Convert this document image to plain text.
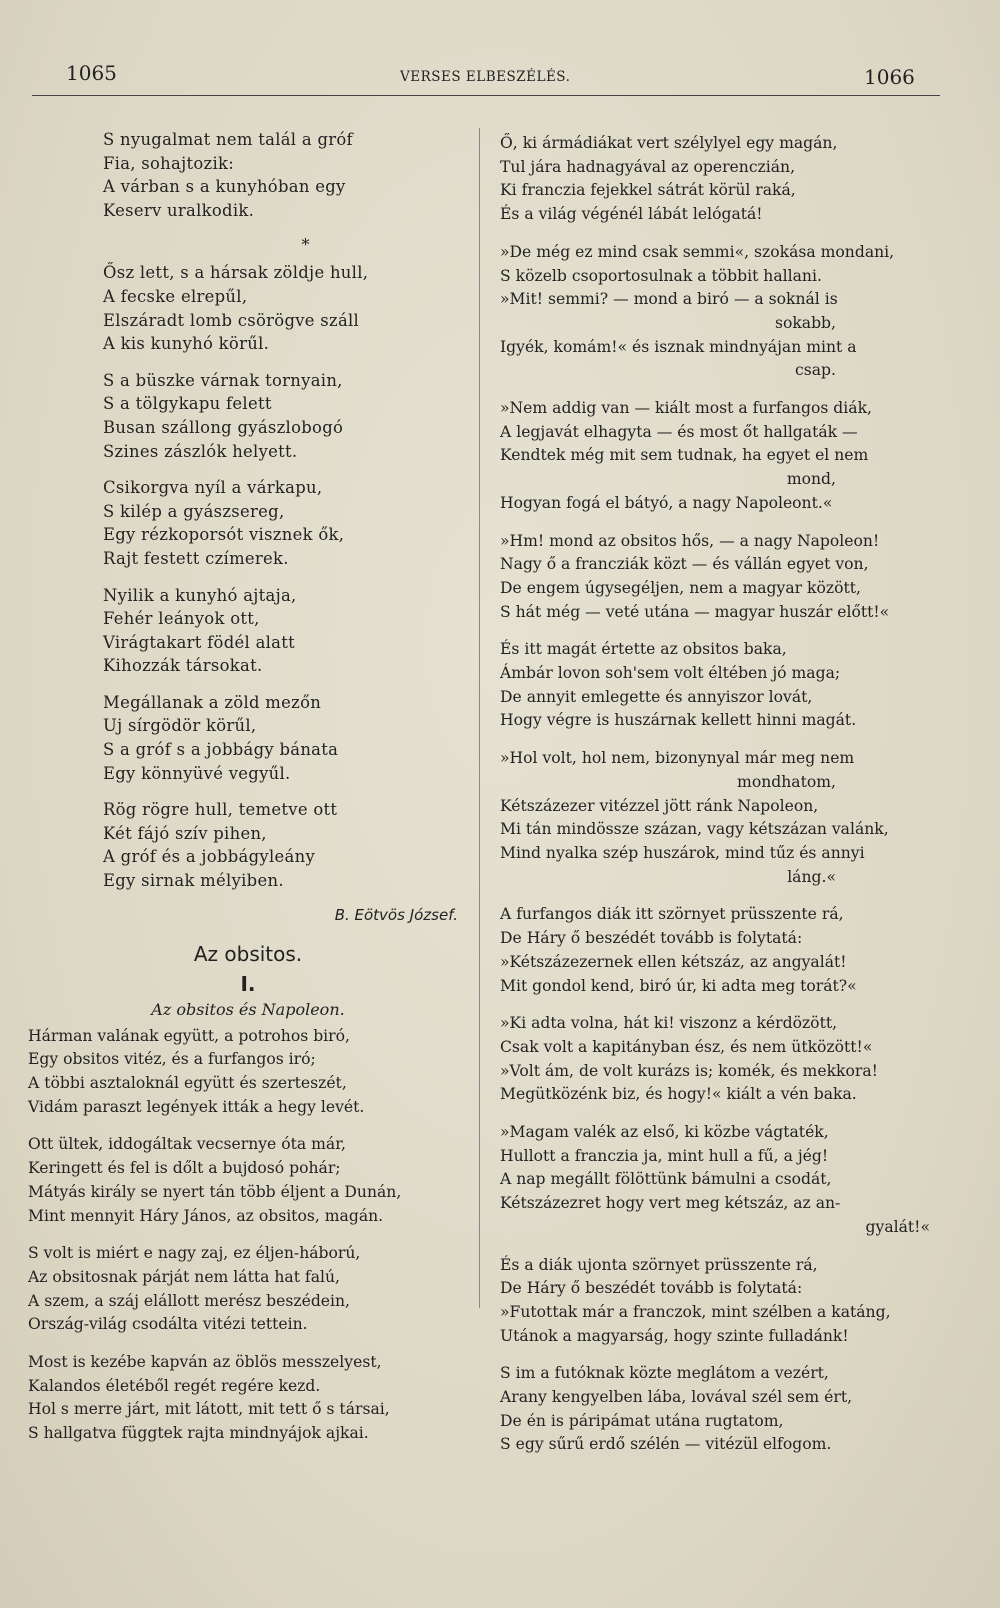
1065	VERSES ELBESZÉLÉS.	1066
S nyugalmat nem talál a gróf
Fia, sohajtozik:
A várban s a kunyhóban egy
Keserv uralkodik.
*
Ősz lett, s a hársak zöldje hull,
A fecske elrepűl,
Elszáradt lomb csörögve száll
A kis kunyhó körűl.
S a büszke várnak tornyain,
S a tölgykapu felett
Busan szállong gyászlobogó
Szines zászlók helyett.
Csikorgva nyíl a várkapu,
S kilép a gyászsereg,
Egy rézkoporsót visznek ők,
Rajt festett czímerek.
Nyilik a kunyhó ajtaja,
Fehér leányok ott,
Virágtakart födél alatt
Kihozzák társokat.
Megállanak a zöld mezőn
Uj sírgödör körűl,
S a gróf s a jobbágy bánata
Egy könnyüvé vegyűl.
Rög rögre hull, temetve ott
Két fájó szív pihen,
A gróf és a jobbágyleány
Egy sirnak mélyiben.
B. Eötvös József.
Az obsitos.
I.
Az obsitos és Napoleon.
Hárman valának együtt, a potrohos biró,
Egy obsitos vitéz, és a furfangos iró;
A többi asztaloknál együtt és szerteszét,
Vidám paraszt legények itták a hegy levét.
Ott ültek, iddogáltak vecsernye óta már,
Keringett és fel is dőlt a bujdosó pohár;
Mátyás király se nyert tán több éljent a Dunán,
Mint mennyit Háry János, az obsitos, magán.
S volt is miért e nagy zaj, ez éljen-háború,
Az obsitosnak párját nem látta hat falú,
A szem, a száj elállott merész beszédein,
Ország-világ csodálta vitézi tettein.
Most is kezébe kapván az öblös messzelyest,
Kalandos életéből regét regére kezd.
Hol s merre járt, mit látott, mit tett ő s társai,
S hallgatva függtek rajta mindnyájok ajkai.
Ő, ki ármádiákat vert szélylyel egy magán,
Tul jára hadnagyával az operenczián,
Ki franczia fejekkel sátrát körül raká,
És a világ végénél lábát lelógatá!
»De még ez mind csak semmi«, szokása mondani,
S közelb csoportosulnak a többit hallani.
»Mit! semmi? — mond a biró — a soknál is
sokabb,
Igyék, komám!« és isznak mindnyájan mint a
csap.
»Nem addig van — kiált most a furfangos diák,
A legjavát elhagyta — és most őt hallgaták —
Kendtek még mit sem tudnak, ha egyet el nem
mond,
Hogyan fogá el bátyó, a nagy Napoleont.«
»Hm! mond az obsitos hős, — a nagy Napoleon!
Nagy ő a francziák közt — és vállán egyet von,
De engem úgysegéljen, nem a magyar között,
S hát még — veté utána — magyar huszár előtt!«
És itt magát értette az obsitos baka,
Ámbár lovon soh'sem volt éltében jó maga;
De annyit emlegette és annyiszor lovát,
Hogy végre is huszárnak kellett hinni magát.
»Hol volt, hol nem, bizonynyal már meg nem
mondhatom,
Kétszázezer vitézzel jött ránk Napoleon,
Mi tán mindössze százan, vagy kétszázan valánk,
Mind nyalka szép huszárok, mind tűz és annyi
láng.«
A furfangos diák itt szörnyet prüsszente rá,
De Háry ő beszédét tovább is folytatá:
»Kétszázezernek ellen kétszáz, az angyalát!
Mit gondol kend, biró úr, ki adta meg torát?«
»Ki adta volna, hát ki! viszonz a kérdözött,
Csak volt a kapitányban ész, és nem ütközött!«
»Volt ám, de volt kurázs is; komék, és mekkora!
Megütközénk biz, és hogy!« kiált a vén baka.
»Magam valék az első, ki közbe vágtaték,
Hullott a franczia ja, mint hull a fű, a jég!
A nap megállt fölöttünk bámulni a csodát,
Kétszázezret hogy vert meg kétszáz, az an-
gyalát!«
És a diák ujonta szörnyet prüsszente rá,
De Háry ő beszédét tovább is folytatá:
»Futottak már a franczok, mint szélben a katáng,
Utánok a magyarság, hogy szinte fulladánk!
S im a futóknak közte meglátom a vezért,
Arany kengyelben lába, lovával szél sem ért,
De én is páripámat utána rugtatom,
S egy sűrű erdő szélén — vitézül elfogom.
